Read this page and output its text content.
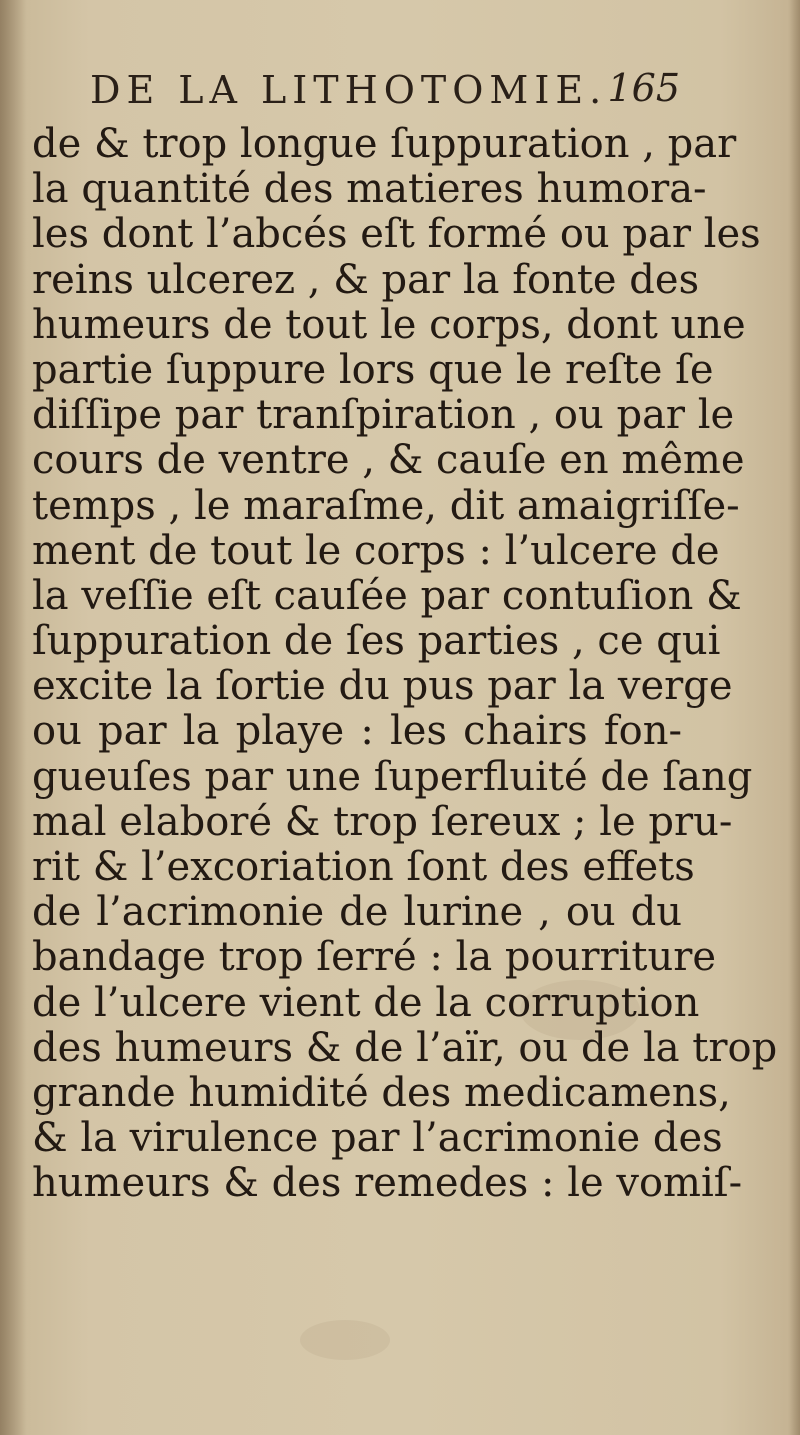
DE LA LITHOTOMIE. 165
de & trop longue ſuppuration , par
la quantité des matieres humora-
les dont l’abcés eſt formé ou par les
reins ulcerez , & par la fonte des
humeurs de tout le corps, dont une
partie ſuppure lors que le reſte ſe
diſſipe par tranſpiration , ou par le
cours de ventre , & cauſe en même
temps , le maraſme, dit amaigriſſe-
ment de tout le corps : l’ulcere de
la veſſie eſt cauſée par contuſion &
ſuppuration de ſes parties , ce qui
excite la ſortie du pus par la verge
ou par la playe : les chairs fon-
gueuſes par une ſuperfluité de ſang
mal elaboré & trop ſereux ; le pru-
rit & l’excoriation ſont des effets
de l’acrimonie de lurine , ou du
bandage trop ſerré : la pourriture
de l’ulcere vient de la corruption
des humeurs & de l’aïr, ou de la trop
grande humidité des medicamens,
& la virulence par l’acrimonie des
humeurs & des remedes : le vomiſ-
